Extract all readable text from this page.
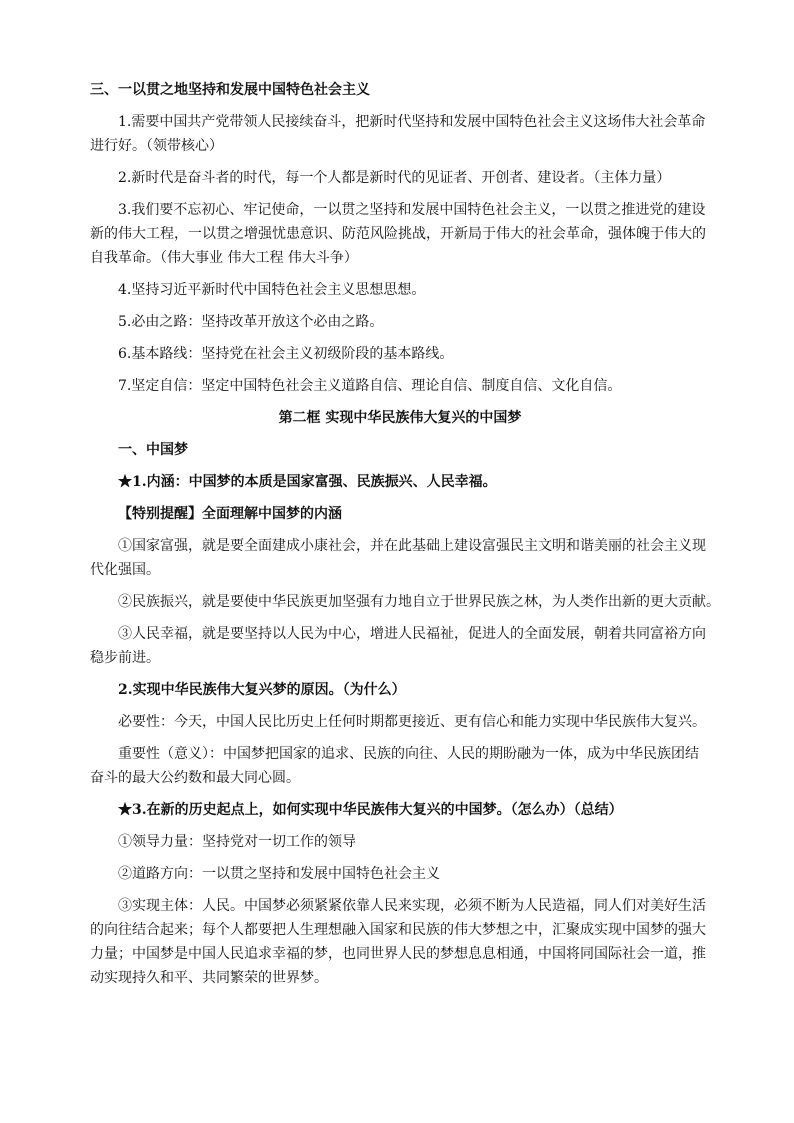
三、一以贯之地坚持和发展中国特色社会主义

1.需要中国共产党带领人民接续奋斗，把新时代坚持和发展中国特色社会主义这场伟大社会革命

进行好。（领带核心）

2.新时代是奋斗者的时代，每一个人都是新时代的见证者、开创者、建设者。（主体力量）

3.我们要不忘初心、牢记使命，一以贯之坚持和发展中国特色社会主义，一以贯之推进党的建设

新的伟大工程，一以贯之增强忧患意识、防范风险挑战，开新局于伟大的社会革命，强体魄于伟大的

自我革命。（伟大事业 伟大工程 伟大斗争）

4.坚持习近平新时代中国特色社会主义思想思想。

5.必由之路：坚持改革开放这个必由之路。

6.基本路线：坚持党在社会主义初级阶段的基本路线。

7.坚定自信：坚定中国特色社会主义道路自信、理论自信、制度自信、文化自信。

第二框 实现中华民族伟大复兴的中国梦

一、中国梦

★1.内涵：中国梦的本质是国家富强、民族振兴、人民幸福。

【特别提醒】全面理解中国梦的内涵

①国家富强，就是要全面建成小康社会，并在此基础上建设富强民主文明和谐美丽的社会主义现

代化强国。

②民族振兴，就是要使中华民族更加坚强有力地自立于世界民族之林，为人类作出新的更大贡献。

③人民幸福，就是要坚持以人民为中心，增进人民福祉，促进人的全面发展，朝着共同富裕方向

稳步前进。

2.实现中华民族伟大复兴梦的原因。（为什么）

必要性：今天，中国人民比历史上任何时期都更接近、更有信心和能力实现中华民族伟大复兴。

重要性（意义）：中国梦把国家的追求、民族的向往、人民的期盼融为一体，成为中华民族团结

奋斗的最大公约数和最大同心圆。

★3.在新的历史起点上，如何实现中华民族伟大复兴的中国梦。（怎么办）（总结）

①领导力量：坚持党对一切工作的领导

②道路方向：一以贯之坚持和发展中国特色社会主义

③实现主体：人民。中国梦必须紧紧依靠人民来实现，必须不断为人民造福，同人们对美好生活

的向往结合起来；每个人都要把人生理想融入国家和民族的伟大梦想之中，汇聚成实现中国梦的强大

力量；中国梦是中国人民追求幸福的梦，也同世界人民的梦想息息相通，中国将同国际社会一道，推

动实现持久和平、共同繁荣的世界梦。
